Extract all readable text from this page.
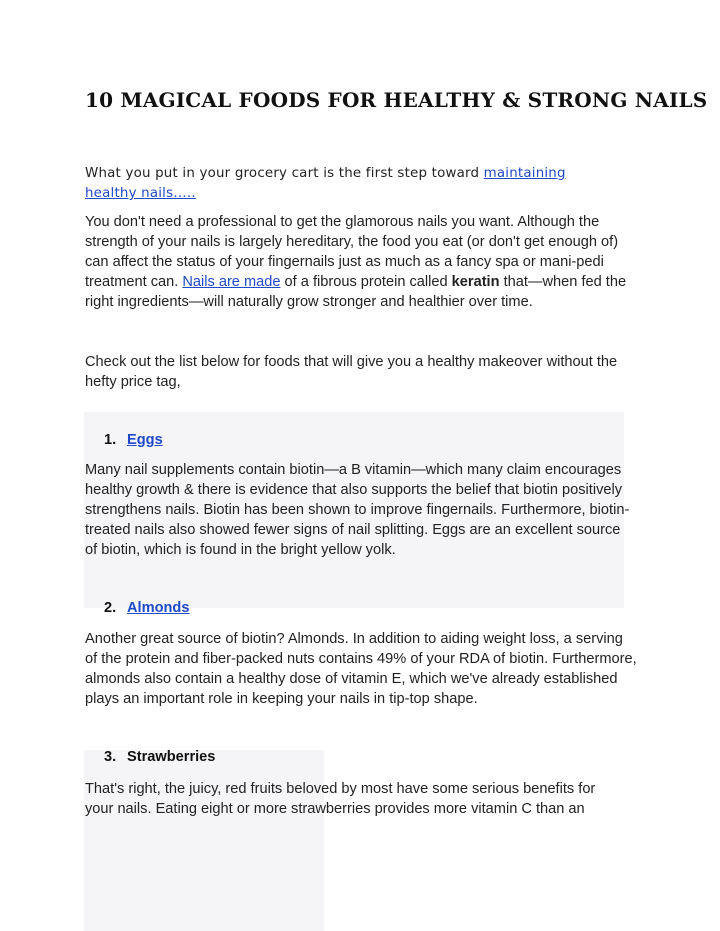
10 MAGICAL FOODS FOR HEALTHY & STRONG NAILS

What you put in your grocery cart is the first step toward maintaining
healthy nails…..

You don't need a professional to get the glamorous nails you want. Although the strength of your nails is largely hereditary, the food you eat (or don't get enough of) can affect the status of your fingernails just as much as a fancy spa or mani-pedi treatment can. Nails are made of a fibrous protein called keratin that—when fed the right ingredients—will naturally grow stronger and healthier over time.

Check out the list below for foods that will give you a healthy makeover without the hefty price tag,

1. Eggs

Many nail supplements contain biotin—a B vitamin—which many claim encourages healthy growth & there is evidence that also supports the belief that biotin positively strengthens nails. Biotin has been shown to improve fingernails. Furthermore, biotin-treated nails also showed fewer signs of nail splitting. Eggs are an excellent source of biotin, which is found in the bright yellow yolk.

2. Almonds

Another great source of biotin? Almonds. In addition to aiding weight loss, a serving of the protein and fiber-packed nuts contains 49% of your RDA of biotin. Furthermore, almonds also contain a healthy dose of vitamin E, which we've already established plays an important role in keeping your nails in tip-top shape.

3. Strawberries

That's right, the juicy, red fruits beloved by most have some serious benefits for your nails. Eating eight or more strawberries provides more vitamin C than an
